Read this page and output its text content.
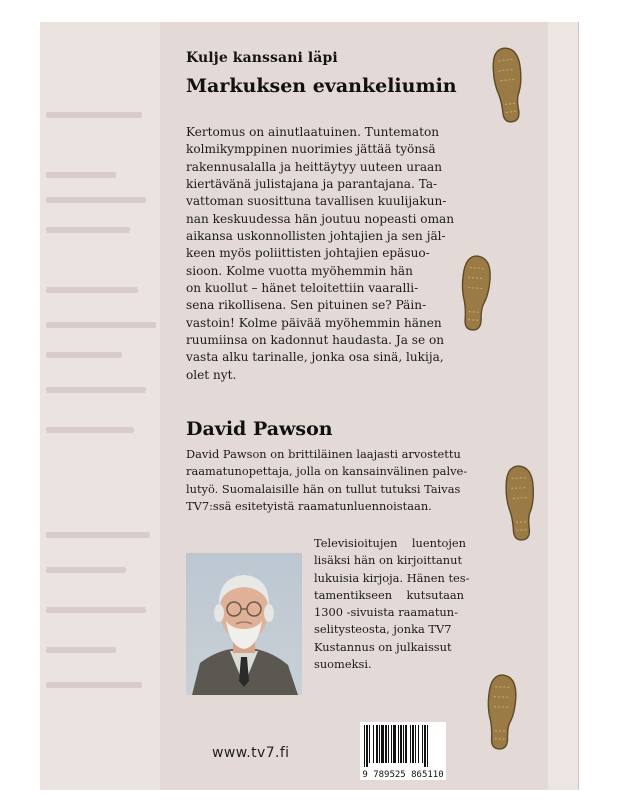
Kulje kanssani läpi
Markuksen evankeliumin
Kertomus on ainutlaatuinen. Tuntematon
kolmikymppinen nuorimies jättää työnsä
rakennusalalla ja heittäytyy uuteen uraan
kiertävänä julistajana ja parantajana. Ta-
vattoman suosittuna tavallisen kuulijakun-
nan keskuudessa hän joutuu nopeasti oman
aikansa uskonnollisten johtajien ja sen jäl-
keen myös poliittisten johtajien epäsuo-
sioon. Kolme vuotta myöhemmin hän
on kuollut – hänet teloitettiin vaaralli-
sena rikollisena. Sen pituinen se? Päin-
vastoin! Kolme päivää myöhemmin hänen
ruumiinsa on kadonnut haudasta. Ja se on
vasta alku tarinalle, jonka osa sinä, lukija,
olet nyt.
David Pawson
David Pawson on brittiläinen laajasti arvostettu
raamatunopettaja, jolla on kansainvälinen palve-
lutyö. Suomalaisille hän on tullut tutuksi Taivas
TV7:ssä esitetyistä raamatunluennoistaan.
Televisioitujen    luentojen
lisäksi hän on kirjoittanut
lukuisia kirjoja. Hänen tes-
tamentikseen    kutsutaan
1300 -sivuista raamatun-
selitysteosta, jonka TV7
Kustannus on julkaissut
suomeksi.
www.tv7.fi
9 789525 865110
